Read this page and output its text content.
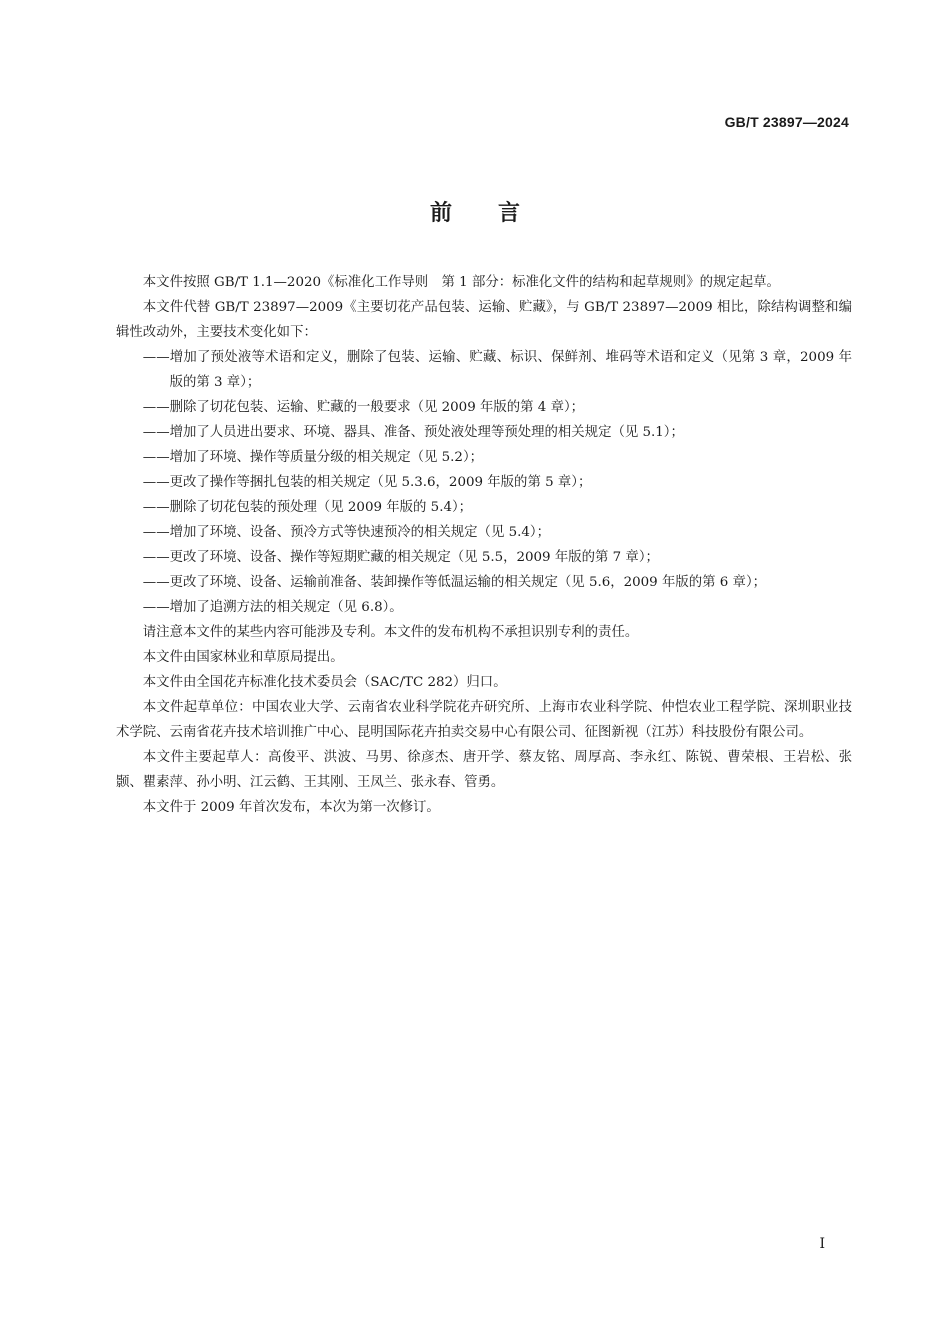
GB/T 23897—2024
前 言

本文件按照 GB/T 1.1—2020《标准化工作导则　第 1 部分：标准化文件的结构和起草规则》的规定起草。

本文件代替 GB/T 23897—2009《主要切花产品包装、运输、贮藏》，与 GB/T 23897—2009 相比，除结构调整和编辑性改动外，主要技术变化如下：

——增加了预处液等术语和定义，删除了包装、运输、贮藏、标识、保鲜剂、堆码等术语和定义（见第 3 章，2009 年版的第 3 章）；

——删除了切花包装、运输、贮藏的一般要求（见 2009 年版的第 4 章）；

——增加了人员进出要求、环境、器具、准备、预处液处理等预处理的相关规定（见 5.1）；

——增加了环境、操作等质量分级的相关规定（见 5.2）；

——更改了操作等捆扎包装的相关规定（见 5.3.6，2009 年版的第 5 章）；

——删除了切花包装的预处理（见 2009 年版的 5.4）；

——增加了环境、设备、预冷方式等快速预冷的相关规定（见 5.4）；

——更改了环境、设备、操作等短期贮藏的相关规定（见 5.5，2009 年版的第 7 章）；

——更改了环境、设备、运输前准备、装卸操作等低温运输的相关规定（见 5.6，2009 年版的第 6 章）；

——增加了追溯方法的相关规定（见 6.8）。

请注意本文件的某些内容可能涉及专利。本文件的发布机构不承担识别专利的责任。

本文件由国家林业和草原局提出。

本文件由全国花卉标准化技术委员会（SAC/TC 282）归口。

本文件起草单位：中国农业大学、云南省农业科学院花卉研究所、上海市农业科学院、仲恺农业工程学院、深圳职业技术学院、云南省花卉技术培训推广中心、昆明国际花卉拍卖交易中心有限公司、征图新视（江苏）科技股份有限公司。

本文件主要起草人：高俊平、洪波、马男、徐彦杰、唐开学、蔡友铭、周厚高、李永红、陈锐、曹荣根、王岩松、张颢、瞿素萍、孙小明、江云鹤、王其刚、王凤兰、张永春、管勇。

本文件于 2009 年首次发布，本次为第一次修订。

I
